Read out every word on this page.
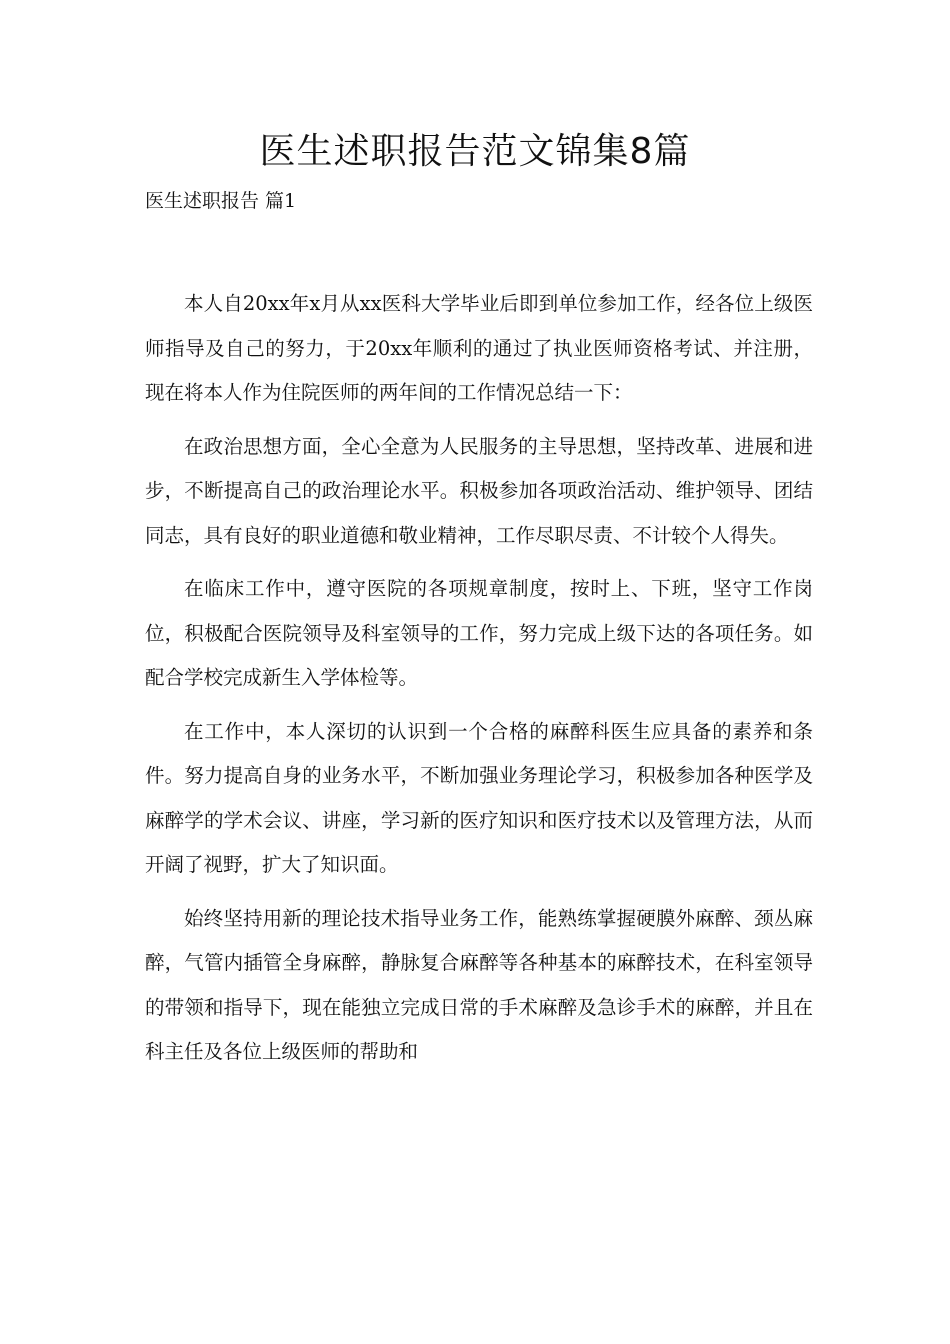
医生述职报告范文锦集8篇
医生述职报告 篇1

本人自20xx年x月从xx医科大学毕业后即到单位参加工作，经各位上级医师指导及自己的努力，于20xx年顺利的通过了执业医师资格考试、并注册，现在将本人作为住院医师的两年间的工作情况总结一下：

在政治思想方面，全心全意为人民服务的主导思想，坚持改革、进展和进步，不断提高自己的政治理论水平。积极参加各项政治活动、维护领导、团结同志，具有良好的职业道德和敬业精神，工作尽职尽责、不计较个人得失。

在临床工作中，遵守医院的各项规章制度，按时上、下班，坚守工作岗位，积极配合医院领导及科室领导的工作，努力完成上级下达的各项任务。如配合学校完成新生入学体检等。

在工作中，本人深切的认识到一个合格的麻醉科医生应具备的素养和条件。努力提高自身的业务水平，不断加强业务理论学习，积极参加各种医学及麻醉学的学术会议、讲座，学习新的医疗知识和医疗技术以及管理方法，从而开阔了视野，扩大了知识面。

始终坚持用新的理论技术指导业务工作，能熟练掌握硬膜外麻醉、颈丛麻醉，气管内插管全身麻醉，静脉复合麻醉等各种基本的麻醉技术，在科室领导的带领和指导下，现在能独立完成日常的手术麻醉及急诊手术的麻醉，并且在科主任及各位上级医师的帮助和
